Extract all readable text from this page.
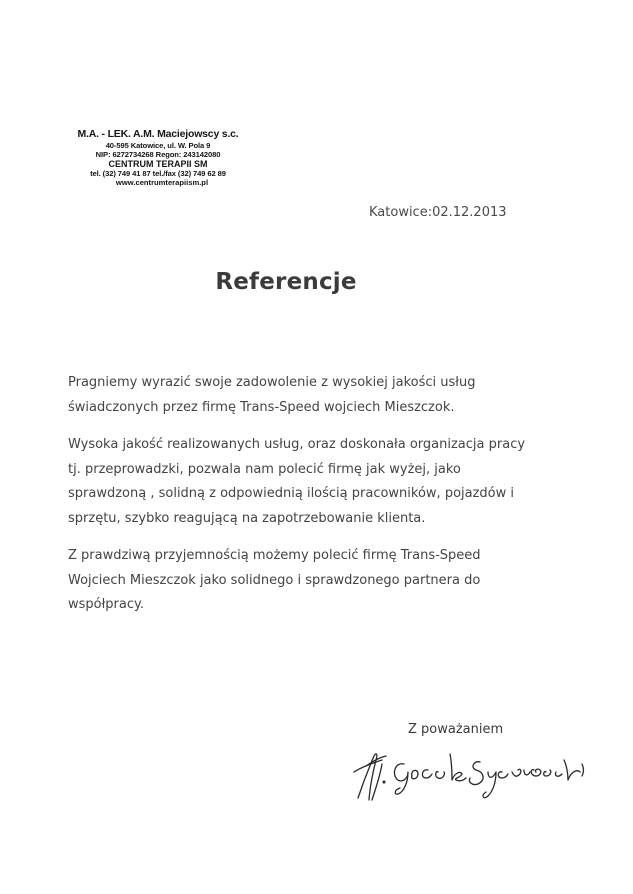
M.A. - LEK. A.M. Maciejowscy s.c.
40-595 Katowice, ul. W. Pola 9
NIP: 6272734268 Regon: 243142080
CENTRUM TERAPII SM
tel. (32) 749 41 87 tel./fax (32) 749 62 89
www.centrumterapiism.pl
Katowice:02.12.2013
Referencje

Pragniemy wyrazić swoje zadowolenie z wysokiej jakości usług
świadczonych przez firmę Trans-Speed wojciech Mieszczok.

Wysoka jakość realizowanych usług, oraz doskonała organizacja pracy
tj. przeprowadzki, pozwala nam polecić firmę jak wyżej, jako
sprawdzoną , solidną z odpowiednią ilością pracowników, pojazdów i
sprzętu, szybko reagującą na zapotrzebowanie klienta.

Z prawdziwą przyjemnością możemy polecić firmę Trans-Speed
Wojciech Mieszczok jako solidnego i sprawdzonego partnera do
współpracy.

Z poważaniem
